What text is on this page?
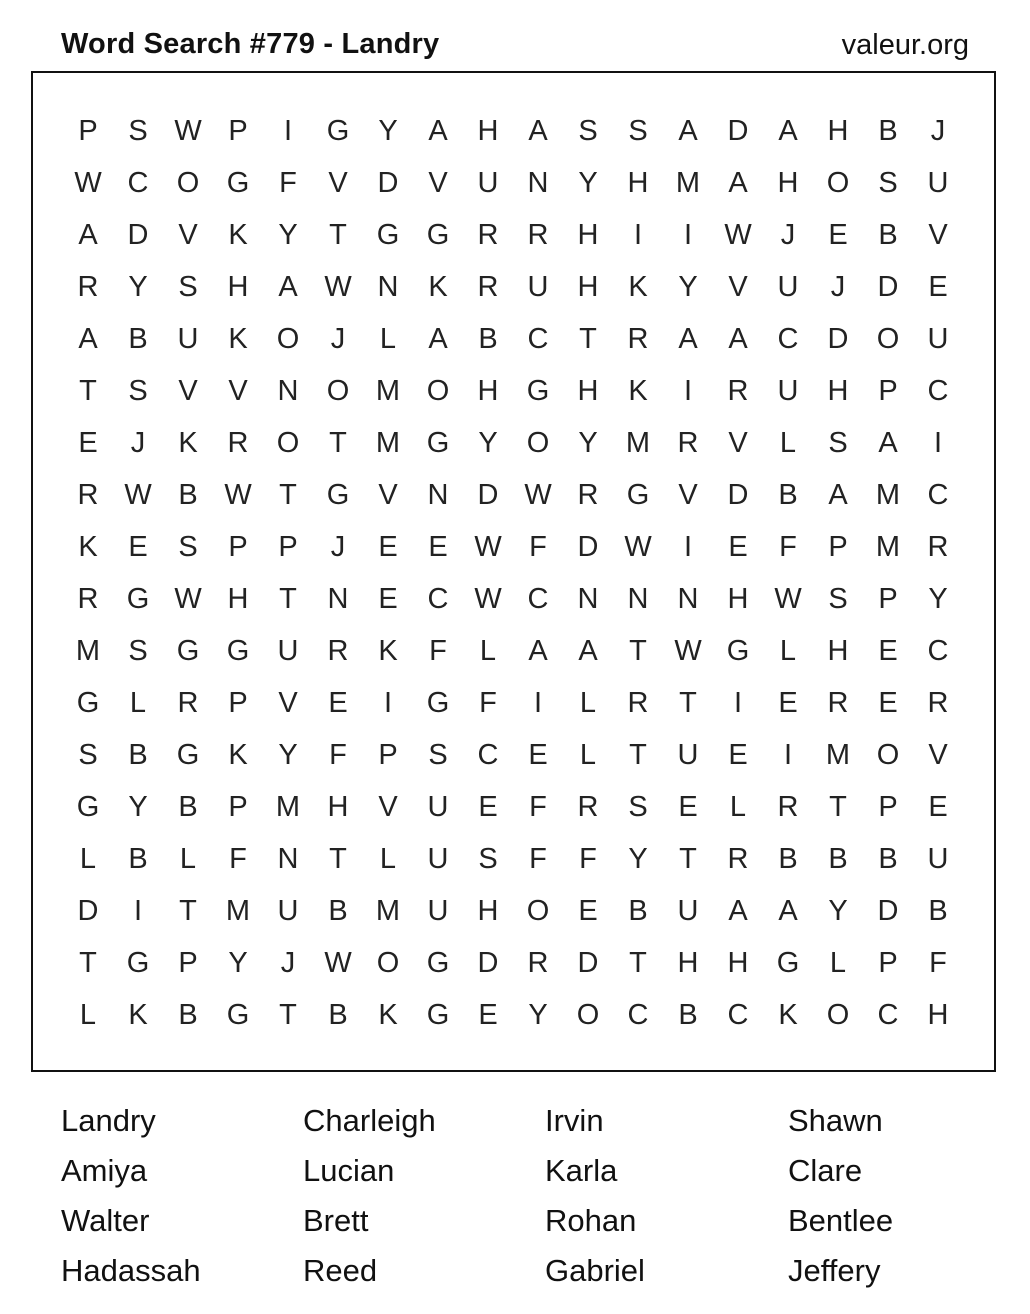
Word Search #779 - Landry	valeur.org
P	S W P	I	G	Y	A	H	A	S	S	A	D	A	H	B	J
W C O G	F	V	D	V	U	N	Y	H M A	H O	S	U
A	D	V	K	Y	T	G G R	R	H	I	I	W	J	E	B	V
R	Y	S	H	A W N	K	R	U	H	K	Y	V	U	J	D	E
A	B	U	K	O	J	L	A	B	C	T	R	A	A	C	D O U
T	S	V	V	N O M O H G H	K	I	R	U	H	P	C
E	J	K	R O	T	M G	Y	O	Y M R	V	L	S	A	I
R W B W T	G	V	N	D W R G	V	D	B	A M C
K	E	S	P	P	J	E	E W F	D W	I	E	F	P M R
R G W H	T	N	E	C W C	N	N	N	H W S	P	Y
M S	G G U	R	K	F	L	A	A	T W G	L	H	E	C
G	L	R	P	V	E	I	G	F	I	L	R	T	I	E	R	E	R
S	B	G	K	Y	F	P	S	C	E	L	T	U	E	I	M O	V
G	Y	B	P M H	V	U	E	F	R	S	E	L	R	T	P	E
L	B	L	F	N	T	L	U	S	F	F	Y	T	R	B	B	B	U
D	I	T	M U	B M U	H O	E	B	U	A	A	Y	D	B
T	G	P	Y	J	W O G D	R	D	T	H	H G	L	P	F
L	K	B	G	T	B	K	G	E	Y	O C	B	C	K	O C	H
Landry	Charleigh	Irvin	Shawn
Amiya	Lucian	Karla	Clare
Walter	Brett	Rohan	Bentlee
Hadassah	Reed	Gabriel	Jeffery
